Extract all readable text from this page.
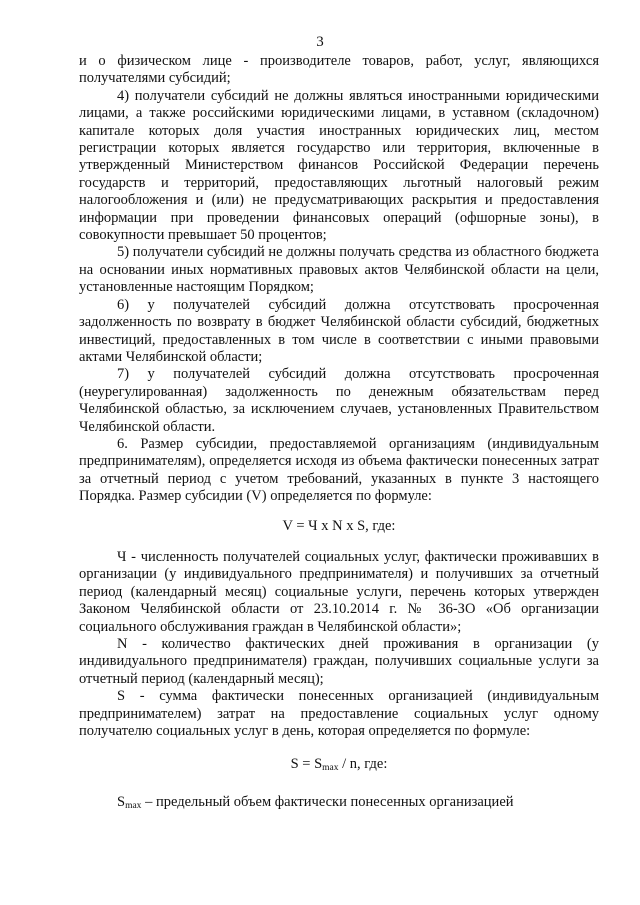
3

и о физическом лице - производителе товаров, работ, услуг, являющихся получателями субсидий;

4) получатели субсидий не должны являться иностранными юридическими лицами, а также российскими юридическими лицами, в уставном (складочном) капитале которых доля участия иностранных юридических лиц, местом регистрации которых является государство или территория, включенные в утвержденный Министерством финансов Российской Федерации перечень государств и территорий, предоставляющих льготный налоговый режим налогообложения и (или) не предусматривающих раскрытия и предоставления информации при проведении финансовых операций (офшорные зоны), в совокупности превышает 50 процентов;

5) получатели субсидий не должны получать средства из областного бюджета на основании иных нормативных правовых актов Челябинской области на цели, установленные настоящим Порядком;

6) у получателей субсидий должна отсутствовать просроченная задолженность по возврату в бюджет Челябинской области субсидий, бюджетных инвестиций, предоставленных в том числе в соответствии с иными правовыми актами Челябинской области;

7) у получателей субсидий должна отсутствовать просроченная (неурегулированная) задолженность по денежным обязательствам перед Челябинской областью, за исключением случаев, установленных Правительством Челябинской области.

6. Размер субсидии, предоставляемой организациям (индивидуальным предпринимателям), определяется исходя из объема фактически понесенных затрат за отчетный период с учетом требований, указанных в пункте 3 настоящего Порядка. Размер субсидии (V) определяется по формуле:

V = Ч х N х S, где:

Ч - численность получателей социальных услуг, фактически проживавших в организации (у индивидуального предпринимателя) и получивших за отчетный период (календарный месяц) социальные услуги, перечень которых утвержден Законом Челябинской области от 23.10.2014 г. № 36-ЗО «Об организации социального обслуживания граждан в Челябинской области»;

N - количество фактических дней проживания в организации (у индивидуального предпринимателя) граждан, получивших социальные услуги за отчетный период (календарный месяц);

S - сумма фактически понесенных организацией (индивидуальным предпринимателем) затрат на предоставление социальных услуг одному получателю социальных услуг в день, которая определяется по формуле:

$S = S_{max} / n$, где:

$S_{max}$ – предельный объем фактически понесенных организацией
